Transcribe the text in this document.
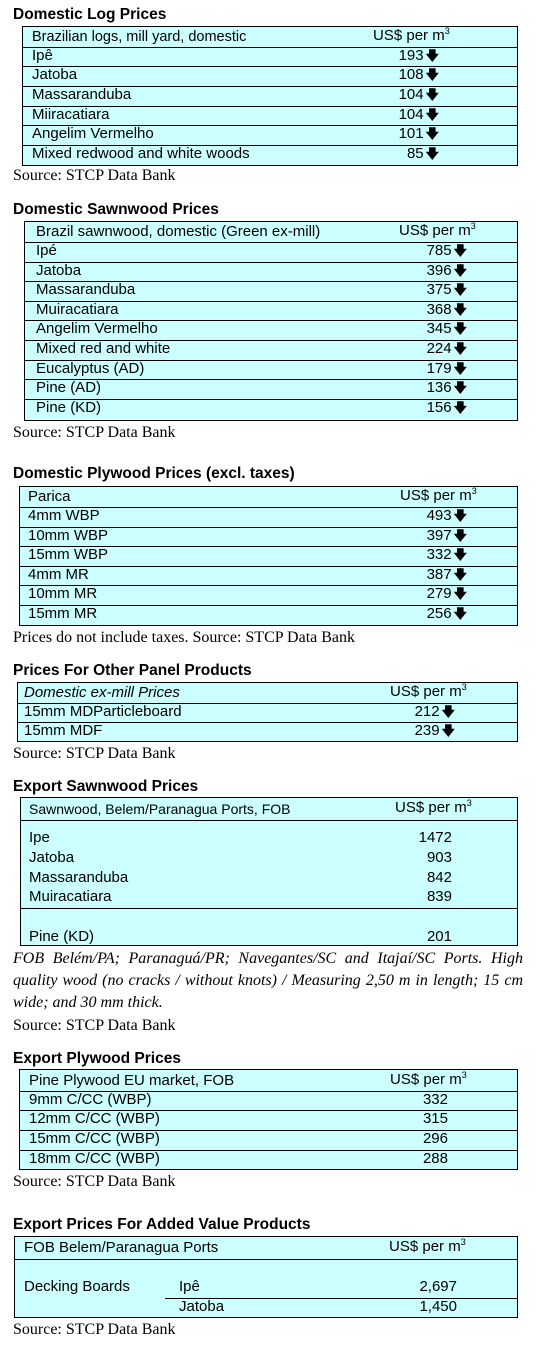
Domestic Log Prices
Brazilian logs, mill yard, domestic	US$ per $m^3$
Ipê	193 🡇
Jatoba	108 🡇
Massaranduba	104 🡇
Miiracatiara	104 🡇
Angelim Vermelho	101 🡇
Mixed redwood and white woods	85 🡇
Source: STCP Data Bank
Domestic Sawnwood Prices
Brazil sawnwood, domestic (Green ex-mill)	US$ per $m^3$
Ipé	785 🡇
Jatoba	396 🡇
Massaranduba	375 🡇
Muiracatiara	368 🡇
Angelim Vermelho	345 🡇
Mixed red and white	224 🡇
Eucalyptus (AD)	179 🡇
Pine (AD)	136 🡇
Pine (KD)	156 🡇
Source: STCP Data Bank
Domestic Plywood Prices (excl. taxes)
Parica	US$ per $m^3$
4mm WBP	493 🡇
10mm WBP	397 🡇
15mm WBP	332 🡇
4mm MR	387 🡇
10mm MR	279 🡇
15mm MR	256 🡇
Prices do not include taxes. Source: STCP Data Bank
Prices For Other Panel Products
Domestic ex-mill Prices	US$ per $m^3$
15mm MDParticleboard	212 🡇
15mm MDF	239 🡇
Source: STCP Data Bank
Export Sawnwood Prices
Sawnwood, Belem/Paranagua Ports, FOB	US$ per $m^3$
Ipe	1472
Jatoba	903
Massaranduba	842
Muiracatiara	839
Pine (KD)	201
FOB Belém/PA; Paranaguá/PR; Navegantes/SC and Itajaí/SC Ports. High quality wood (no cracks / without knots) / Measuring 2,50 m in length; 15 cm wide; and 30 mm thick.
Source: STCP Data Bank
Export Plywood Prices
Pine Plywood EU market, FOB	US$ per $m^3$
9mm C/CC (WBP)	332
12mm C/CC (WBP)	315
15mm C/CC (WBP)	296
18mm C/CC (WBP)	288
Source: STCP Data Bank
Export Prices For Added Value Products
FOB Belem/Paranagua Ports	US$ per $m^3$
Decking Boards	Ipê	2,697
Jatoba	1,450
Source: STCP Data Bank
